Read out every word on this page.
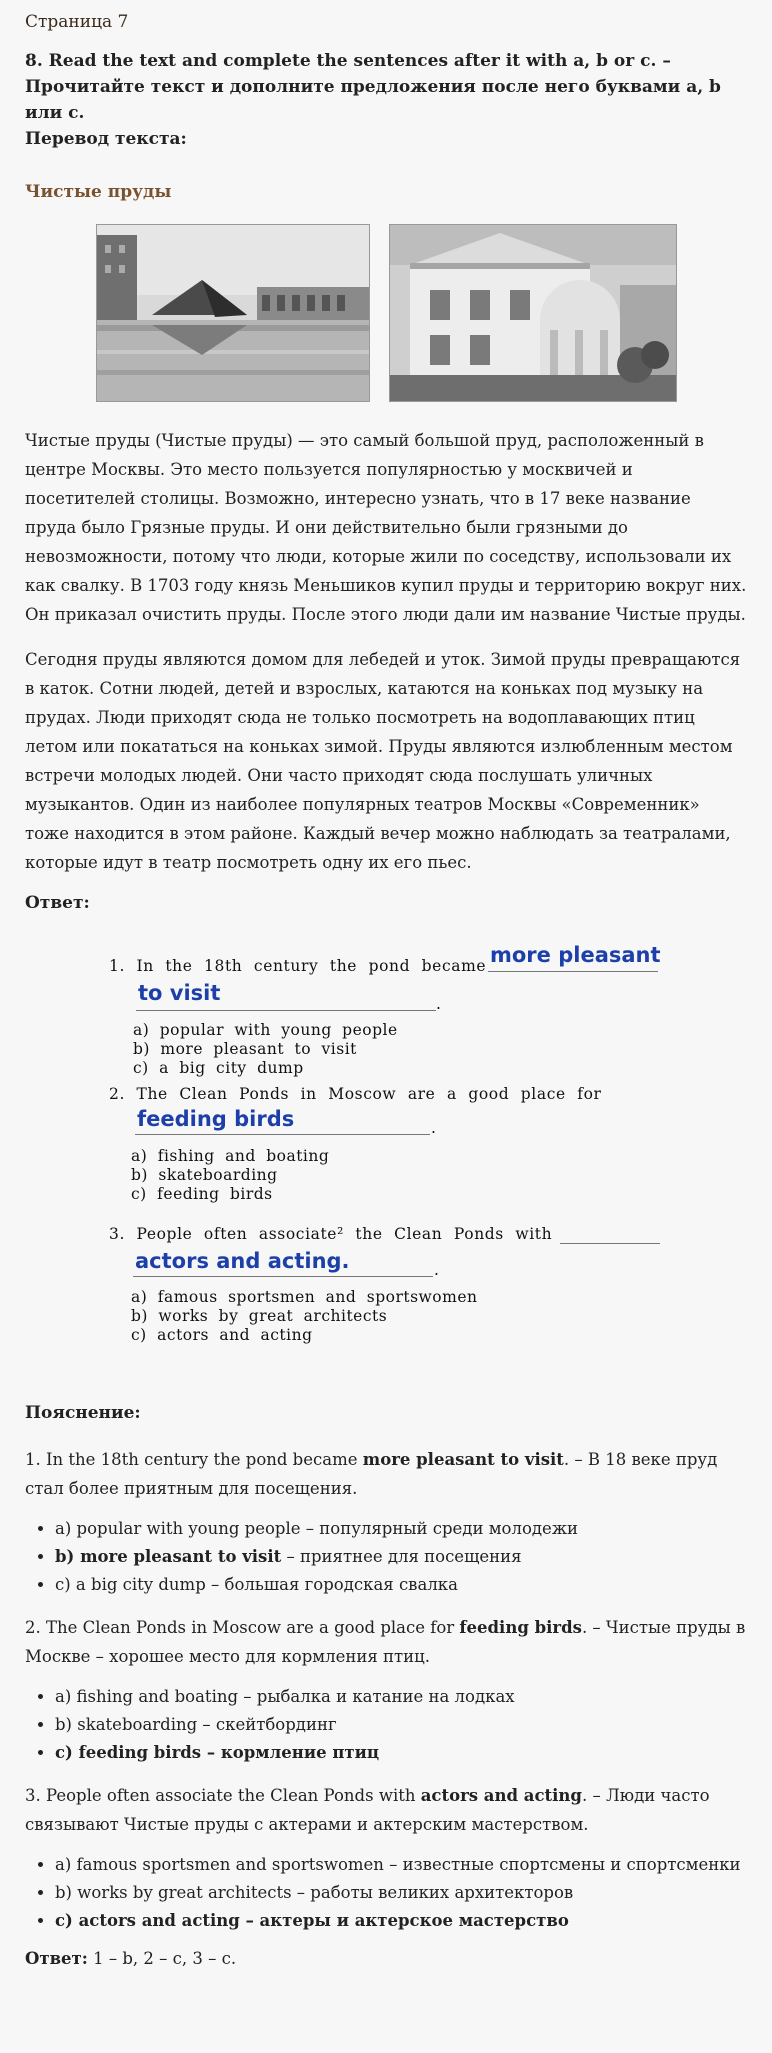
Страница 7

8. Read the text and complete the sentences after it with a, b or c. – Прочитайте текст и дополните предложения после него буквами a, b или c.

Перевод текста:

Чистые пруды

Чистые пруды (Чистые пруды) — это самый большой пруд, расположенный в центре Москвы. Это место пользуется популярностью у москвичей и посетителей столицы. Возможно, интересно узнать, что в 17 веке название пруда было Грязные пруды. И они действительно были грязными до невозможности, потому что люди, которые жили по соседству, использовали их как свалку. В 1703 году князь Меньшиков купил пруды и территорию вокруг них. Он приказал очистить пруды. После этого люди дали им название Чистые пруды.

Сегодня пруды являются домом для лебедей и уток. Зимой пруды превращаются в каток. Сотни людей, детей и взрослых, катаются на коньках под музыку на прудах. Люди приходят сюда не только посмотреть на водоплавающих птиц летом или покататься на коньках зимой. Пруды являются излюбленным местом встречи молодых людей. Они часто приходят сюда послушать уличных музыкантов. Один из наиболее популярных театров Москвы «Современник» тоже находится в этом районе. Каждый вечер можно наблюдать за театралами, которые идут в театр посмотреть одну их его пьес.

Ответ:

1. In the 18th century the pond became more pleasant
to visit	.
a) popular with young people
b) more pleasant to visit
c) a big city dump
2. The Clean Ponds in Moscow are a good place for
feeding birds	.
a) fishing and boating
b) skateboarding
c) feeding birds
3. People often associate² the Clean Ponds with
actors and acting.	.
a) famous sportsmen and sportswomen
b) works by great architects
c) actors and acting

Пояснение:

1. In the 18th century the pond became more pleasant to visit. – В 18 веке пруд стал более приятным для посещения.

• a) popular with young people – популярный среди молодежи
• b) more pleasant to visit – приятнее для посещения
• c) a big city dump – большая городская свалка

2. The Clean Ponds in Moscow are a good place for feeding birds. – Чистые пруды в Москве – хорошее место для кормления птиц.

• a) fishing and boating – рыбалка и катание на лодках
• b) skateboarding – скейтбординг
• c) feeding birds – кормление птиц

3. People often associate the Clean Ponds with actors and acting. – Люди часто связывают Чистые пруды с актерами и актерским мастерством.

• a) famous sportsmen and sportswomen – известные спортсмены и спортсменки
• b) works by great architects – работы великих архитекторов
• c) actors and acting – актеры и актерское мастерство

Ответ: 1 – b, 2 – c, 3 – c.
